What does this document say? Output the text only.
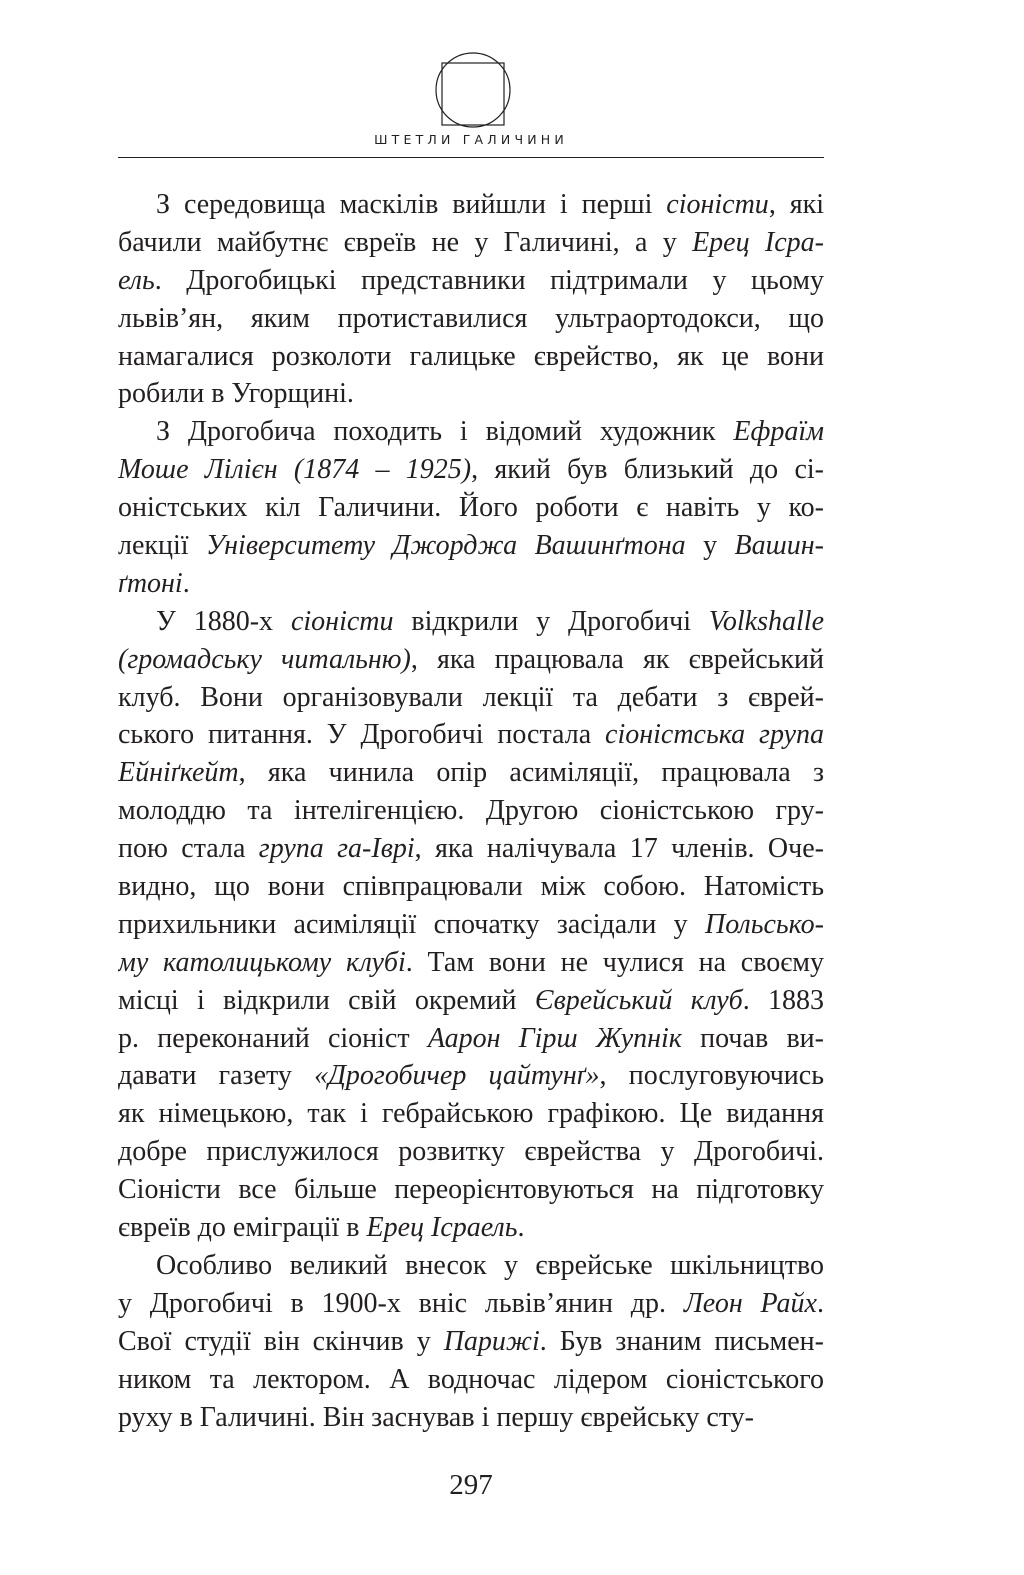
ШТЕТЛИ ГАЛИЧИНИ
З середовища маскілів вийшли і перші сіоністи, які
бачили майбутнє євреїв не у Галичині, а у Ерец Ісра-
ель. Дрогобицькі представники підтримали у цьому
львів’ян, яким протиставилися ультраортодокси, що
намагалися розколоти галицьке єврейство, як це вони
робили в Угорщині.
З Дрогобича походить і відомий художник Ефраїм
Моше Лілієн (1874 – 1925), який був близький до сі-
оністських кіл Галичини. Його роботи є навіть у ко-
лекції Університету Джорджа Вашинґтона у Вашин-
ґтоні.
У 1880-х сіоністи відкрили у Дрогобичі Volkshalle
(громадську читальню), яка працювала як єврейський
клуб. Вони організовували лекції та дебати з єврей-
ського питання. У Дрогобичі постала сіоністська група
Ейніґкейт, яка чинила опір асиміляції, працювала з
молоддю та інтелігенцією. Другою сіоністською гру-
пою стала група га-Іврі, яка налічувала 17 членів. Оче-
видно, що вони співпрацювали між собою. Натомість
прихильники асиміляції спочатку засідали у Польсько-
му католицькому клубі. Там вони не чулися на своєму
місці і відкрили свій окремий Єврейський клуб. 1883
р. переконаний сіоніст Аарон Гірш Жупнік почав ви-
давати газету «Дрогобичер цайтунґ», послуговуючись
як німецькою, так і гебрайською графікою. Це видання
добре прислужилося розвитку єврейства у Дрогобичі.
Сіоністи все більше переорієнтовуються на підготовку
євреїв до еміграції в Ерец Ісраель.
Особливо великий внесок у єврейське шкільництво
у Дрогобичі в 1900-х вніс львів’янин др. Леон Райх.
Свої студії він скінчив у Парижі. Був знаним письмен-
ником та лектором. А водночас лідером сіоністського
руху в Галичині. Він заснував і першу єврейську сту-
297
